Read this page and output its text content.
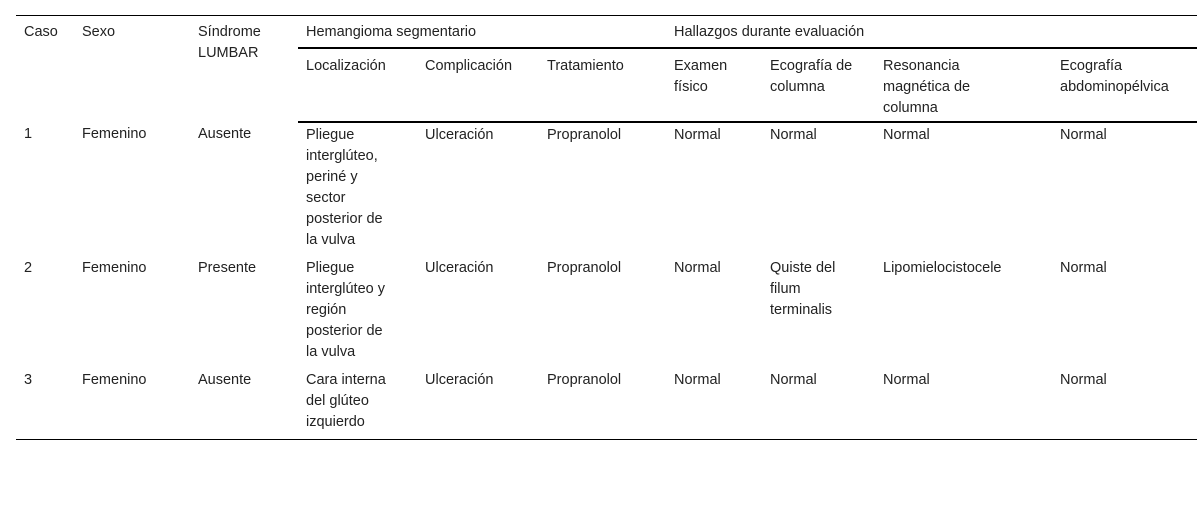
Caso	Sexo	Síndrome LUMBAR	Hemangioma segmentario			Hallazgos durante evaluación			
			Localización	Complicación	Tratamiento	Examen físico	Ecografía de columna	Resonancia magnética de columna	Ecografía abdominopélvica
1	Femenino	Ausente	Pliegue interglúteo, periné y sector posterior de la vulva	Ulceración	Propranolol	Normal	Normal	Normal	Normal
2	Femenino	Presente	Pliegue interglúteo y región posterior de la vulva	Ulceración	Propranolol	Normal	Quiste del filum terminalis	Lipomielocistocele	Normal
3	Femenino	Ausente	Cara interna del glúteo izquierdo	Ulceración	Propranolol	Normal	Normal	Normal	Normal
